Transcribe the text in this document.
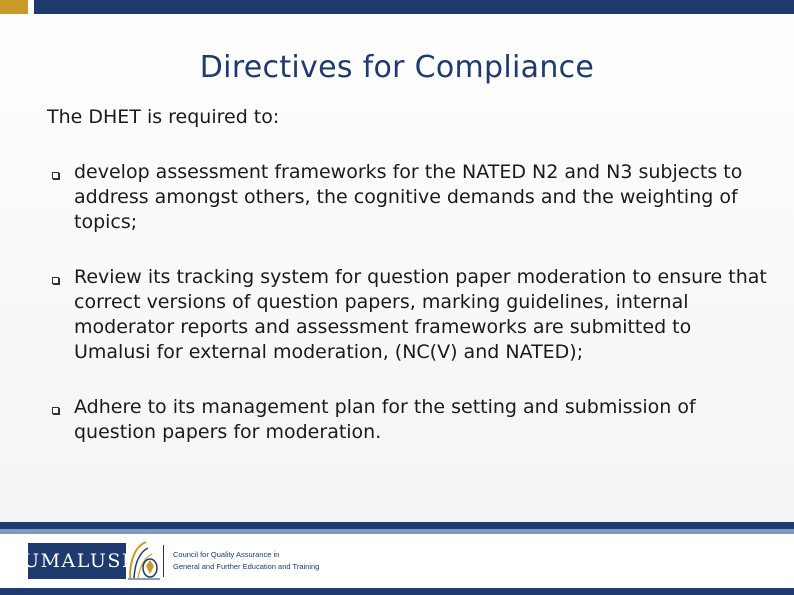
Directives for Compliance
The DHET is required to:
develop assessment frameworks for the NATED N2 and N3 subjects to address amongst others, the cognitive demands and the weighting of topics;
Review its tracking system for question paper moderation to ensure that correct versions of question papers, marking guidelines, internal moderator reports and assessment frameworks are submitted to Umalusi for external moderation, (NC(V) and NATED);
Adhere to its management plan for the setting and submission of question papers for moderation.
UMALUSI	Council for Quality Assurance in
General and Further Education and Training
